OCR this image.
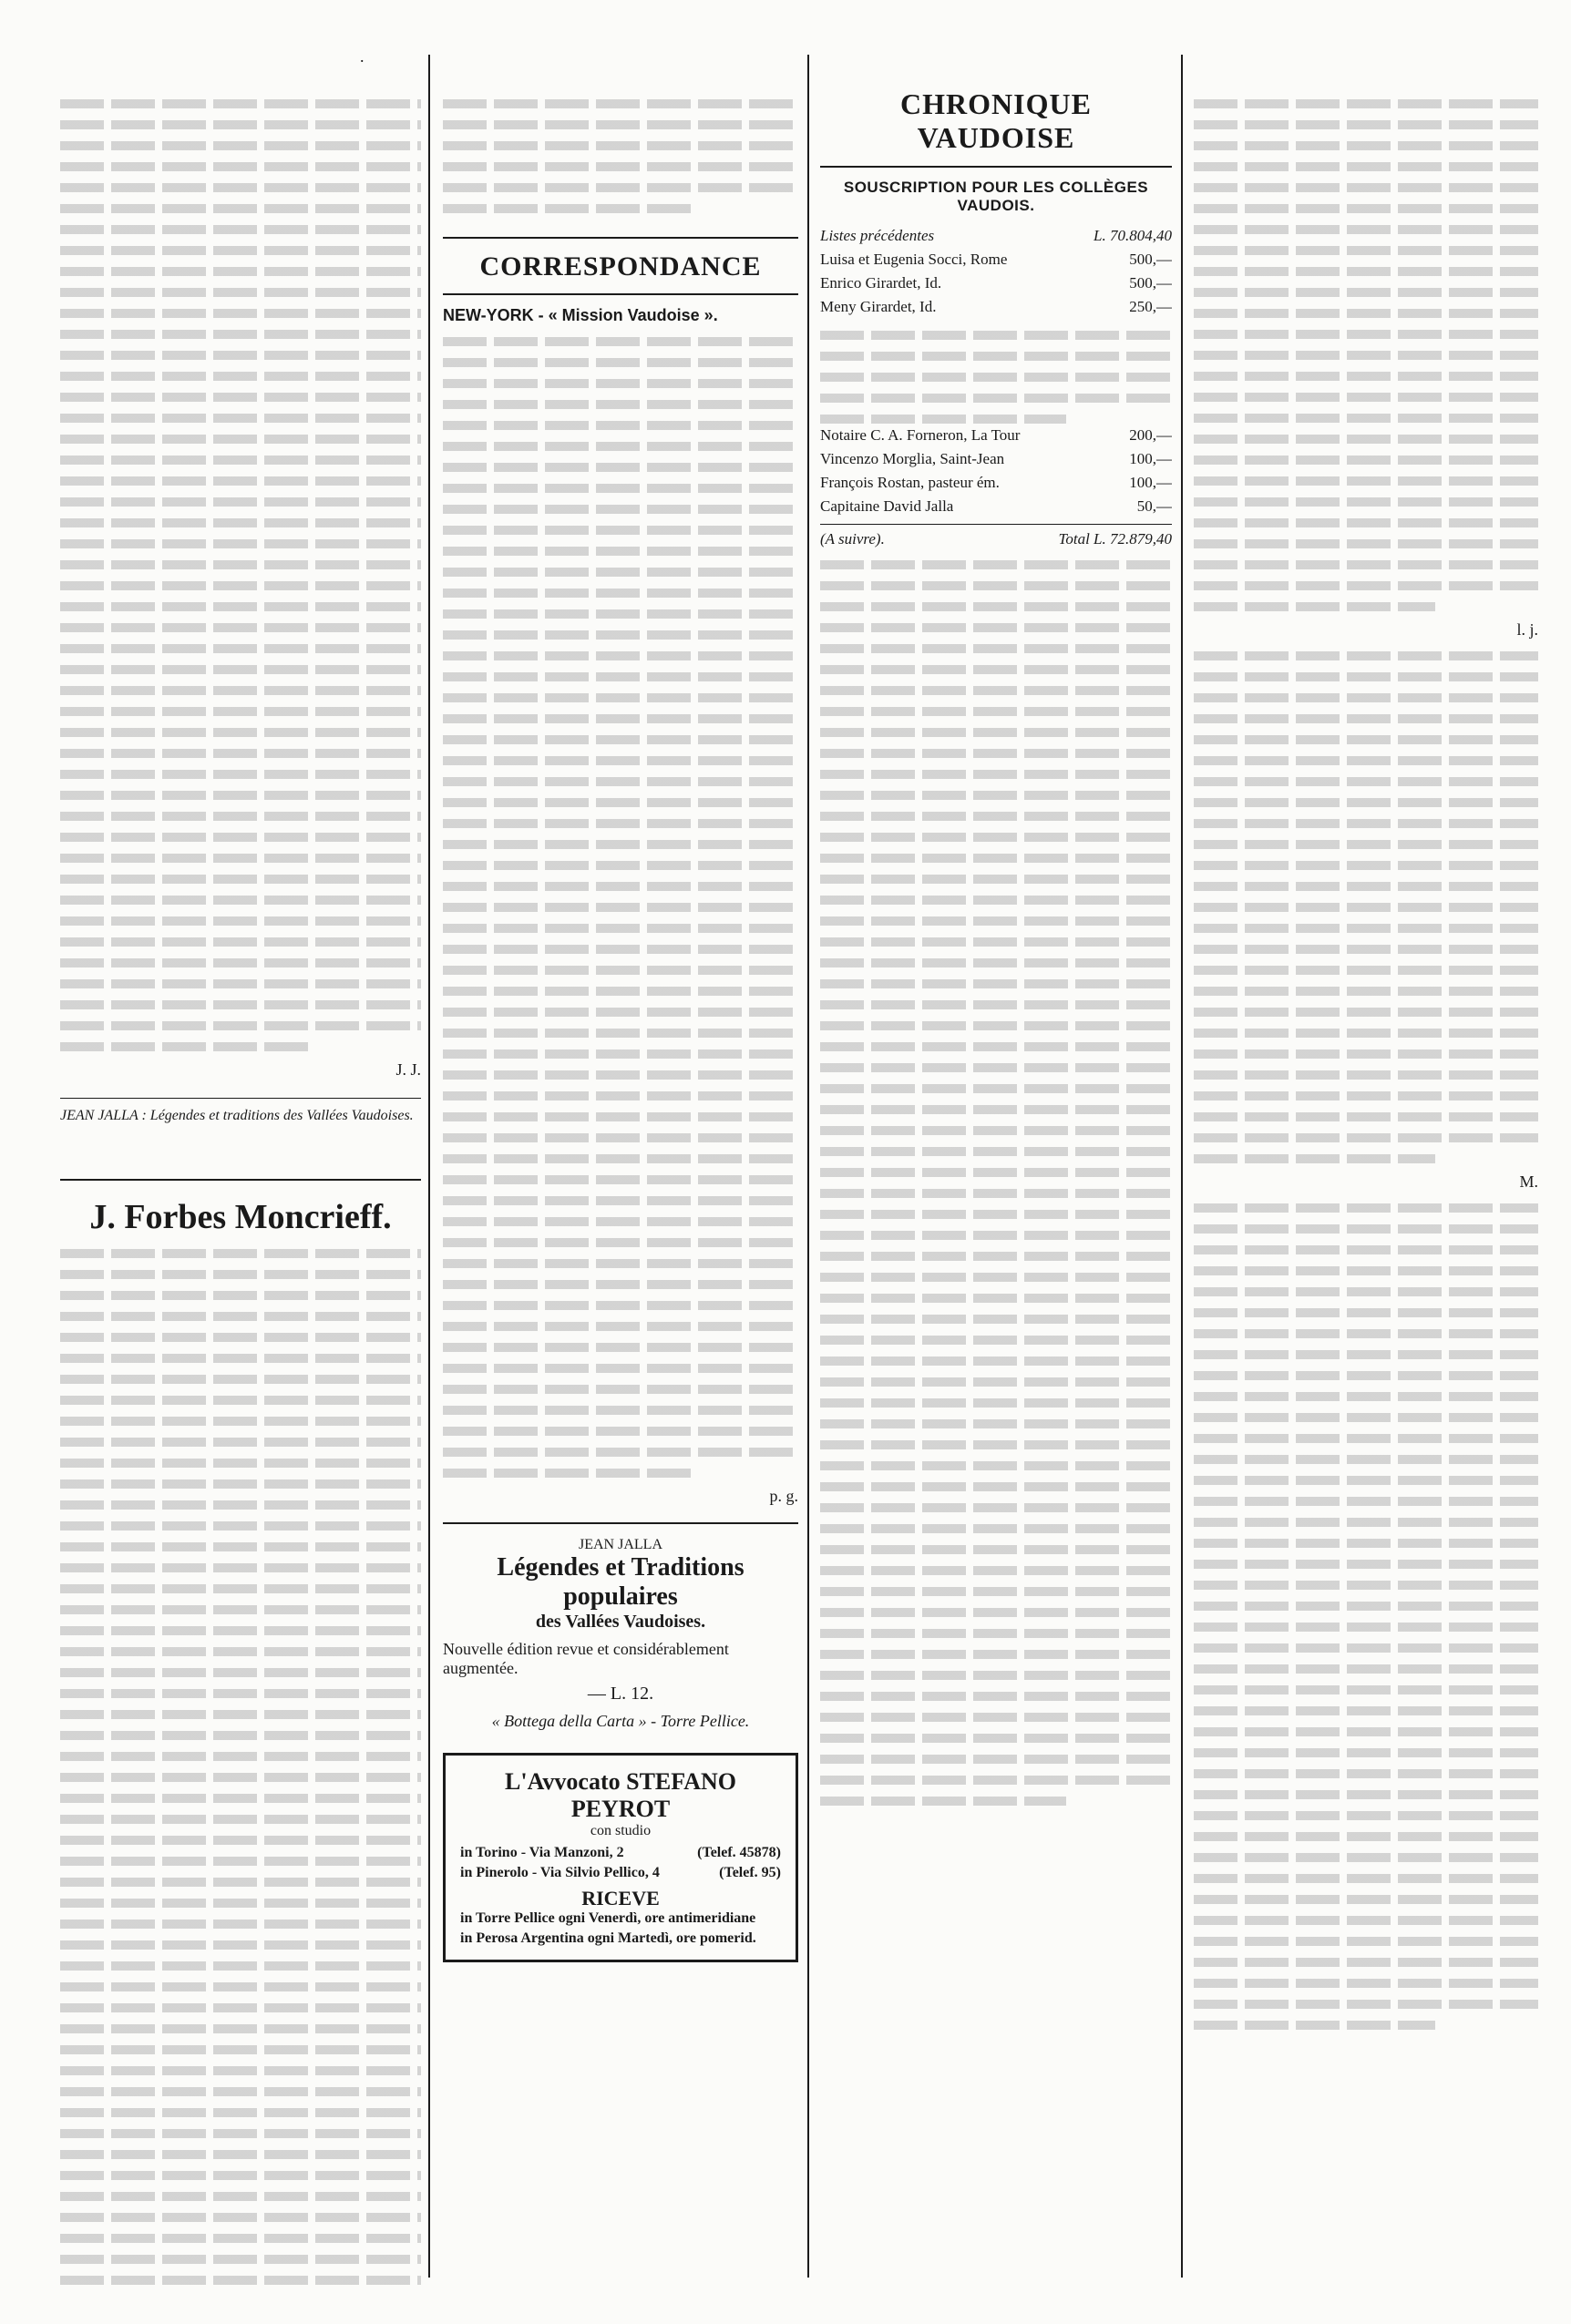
J. J.
JEAN JALLA : Légendes et traditions des Vallées Vaudoises.
J. Forbes Moncrieff.
CORRESPONDANCE
NEW-YORK - « Mission Vaudoise ».
p. g.
JEAN JALLA
Légendes et Traditions populaires
des Vallées Vaudoises.
Nouvelle édition revue et considérablement augmentée.
— L. 12.
« Bottega della Carta » - Torre Pellice.
L'Avvocato STEFANO PEYROT
con studio
in Torino - Via Manzoni, 2	(Telef. 45878)
in Pinerolo - Via Silvio Pellico, 4	(Telef. 95)
RICEVE
in Torre Pellice ogni Venerdì, ore antimeridiane
in Perosa Argentina ogni Martedì, ore pomerid.
CHRONIQUE VAUDOISE
SOUSCRIPTION POUR LES COLLÈGES VAUDOIS.
Listes précédentes	L. 70.804,40
Luisa et Eugenia Socci, Rome	500,—
Enrico Girardet, Id.	500,—
Meny Girardet, Id.	250,—
Notaire C. A. Forneron, La Tour	200,—
Vincenzo Morglia, Saint-Jean	100,—
François Rostan, pasteur ém.	100,—
Capitaine David Jalla	50,—
(A suivre).	Total L. 72.879,40
l. j.
M.
.
